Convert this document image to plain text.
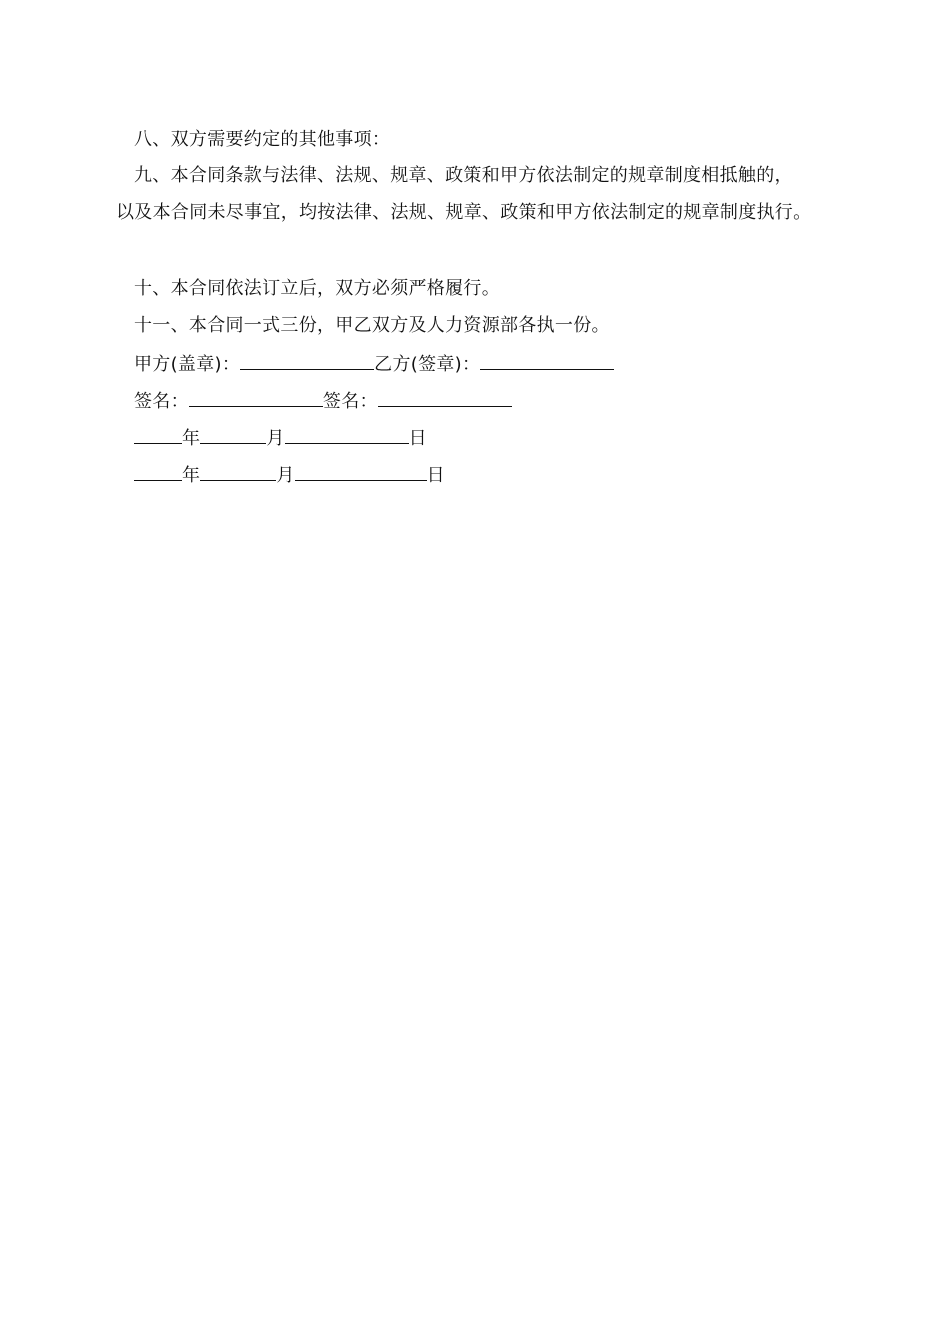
八、双方需要约定的其他事项：
九、本合同条款与法律、法规、规章、政策和甲方依法制定的规章制度相抵触的，
以及本合同未尽事宜，均按法律、法规、规章、政策和甲方依法制定的规章制度执行。
十、本合同依法订立后，双方必须严格履行。
十一、本合同一式三份，甲乙双方及人力资源部各执一份。
甲方(盖章)：	乙方(签章)：
签名：	签名：
年	月	日
年	月	日
